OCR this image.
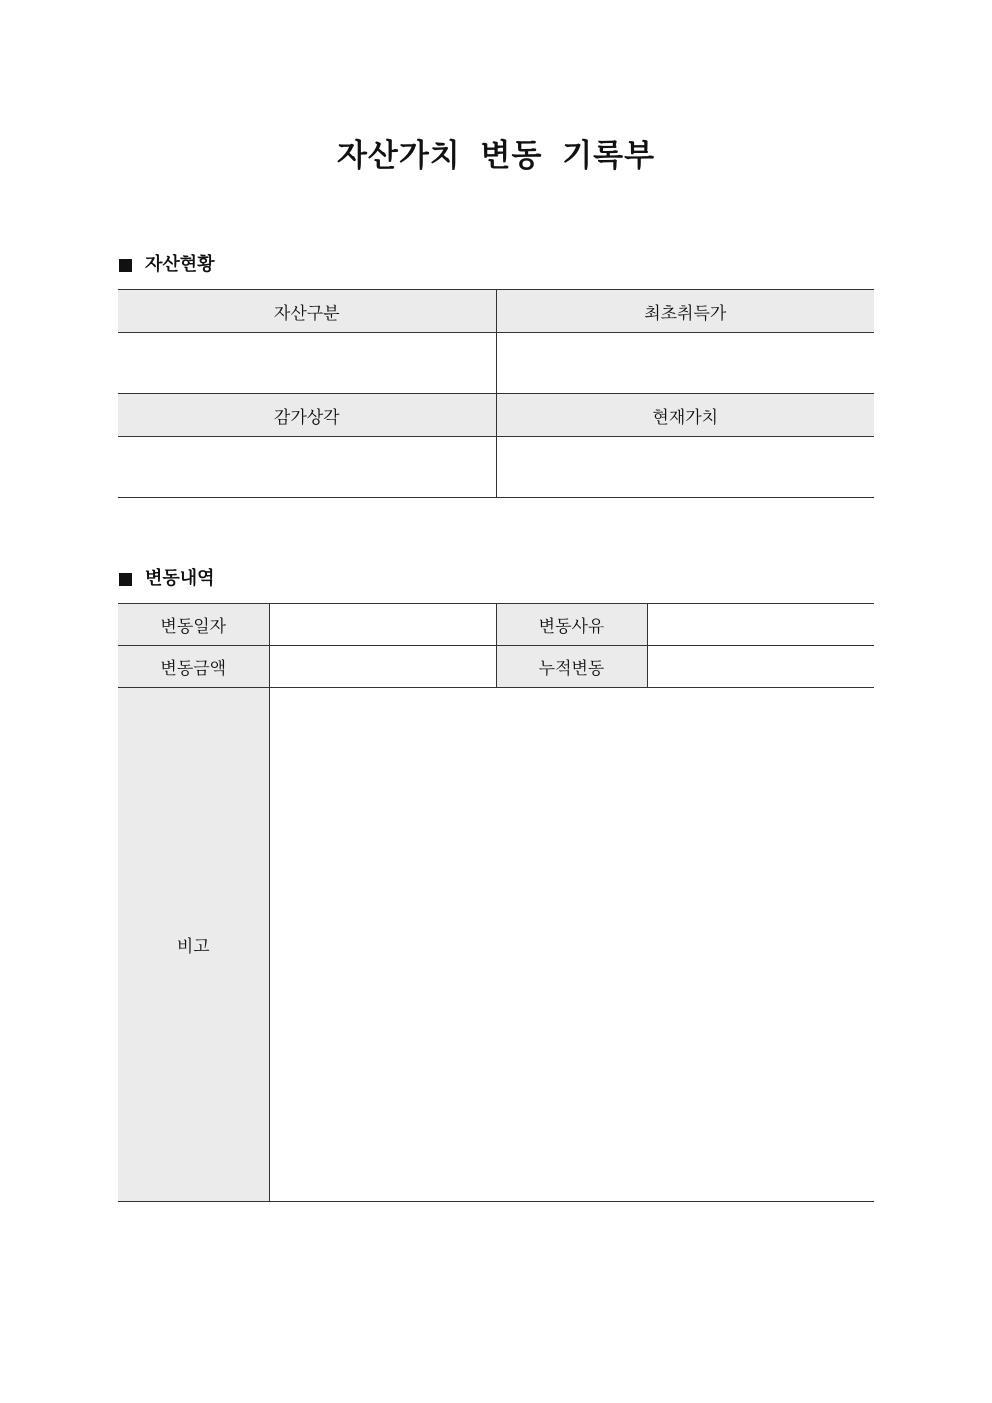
자산가치 변동 기록부
자산현황
자산구분	최초취득가

감가상각	현재가치

변동내역
변동일자		변동사유	
변동금액		누적변동	
비고			
